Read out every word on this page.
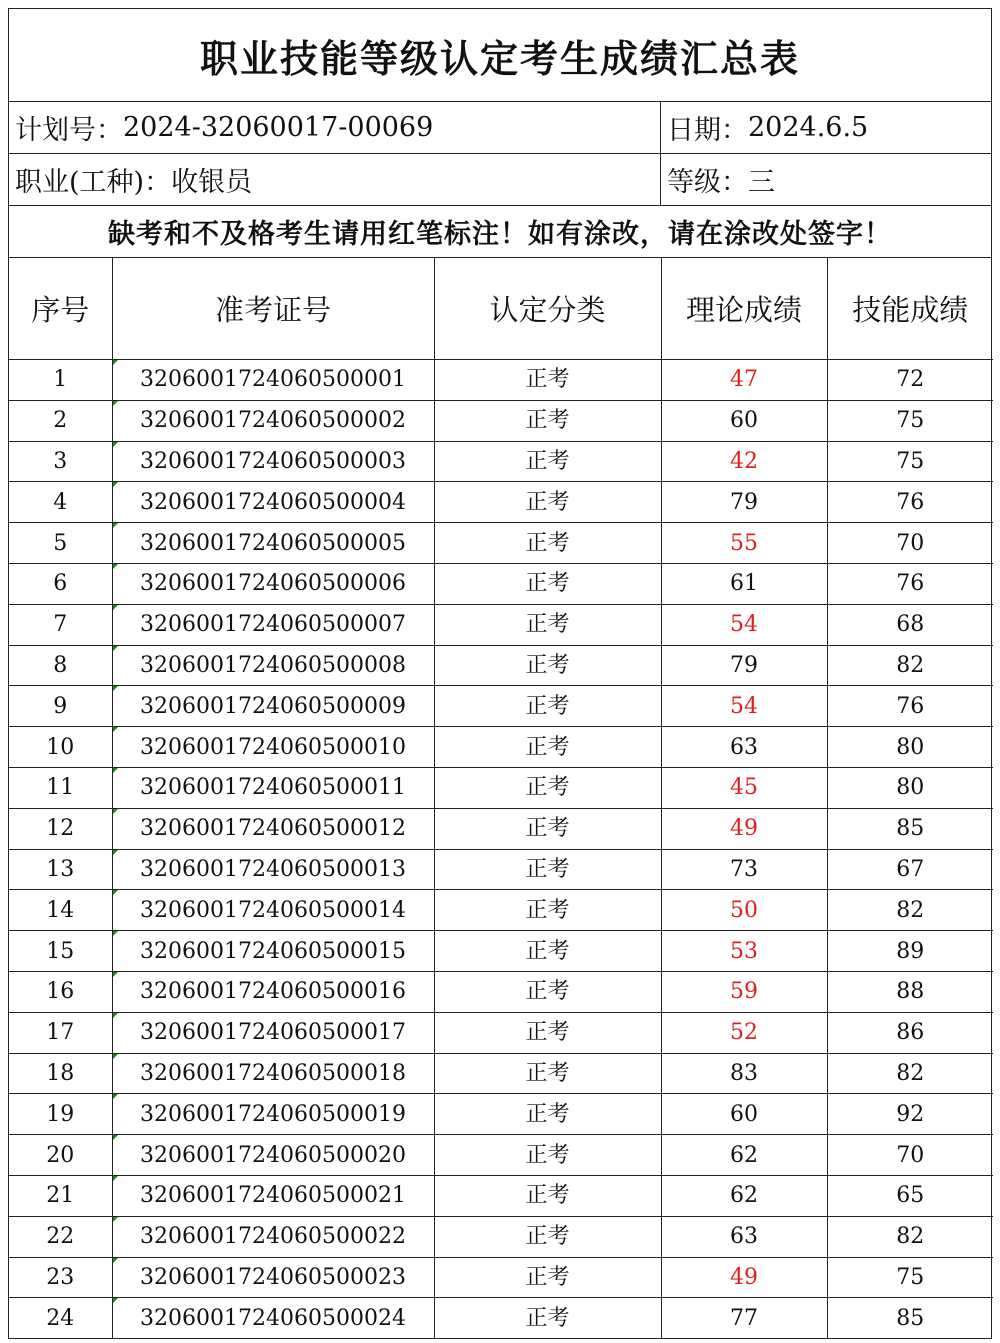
职业技能等级认定考生成绩汇总表
计划号： 2024-32060017-00069	日期： 2024.6.5
职业(工种)： 收银员	等级： 三
缺考和不及格考生请用红笔标注！如有涂改，请在涂改处签字！
序号	准考证号	认定分类	理论成绩	技能成绩
1	3206001724060500001	正考	47	72
2	3206001724060500002	正考	60	75
3	3206001724060500003	正考	42	75
4	3206001724060500004	正考	79	76
5	3206001724060500005	正考	55	70
6	3206001724060500006	正考	61	76
7	3206001724060500007	正考	54	68
8	3206001724060500008	正考	79	82
9	3206001724060500009	正考	54	76
10	3206001724060500010	正考	63	80
11	3206001724060500011	正考	45	80
12	3206001724060500012	正考	49	85
13	3206001724060500013	正考	73	67
14	3206001724060500014	正考	50	82
15	3206001724060500015	正考	53	89
16	3206001724060500016	正考	59	88
17	3206001724060500017	正考	52	86
18	3206001724060500018	正考	83	82
19	3206001724060500019	正考	60	92
20	3206001724060500020	正考	62	70
21	3206001724060500021	正考	62	65
22	3206001724060500022	正考	63	82
23	3206001724060500023	正考	49	75
24	3206001724060500024	正考	77	85
